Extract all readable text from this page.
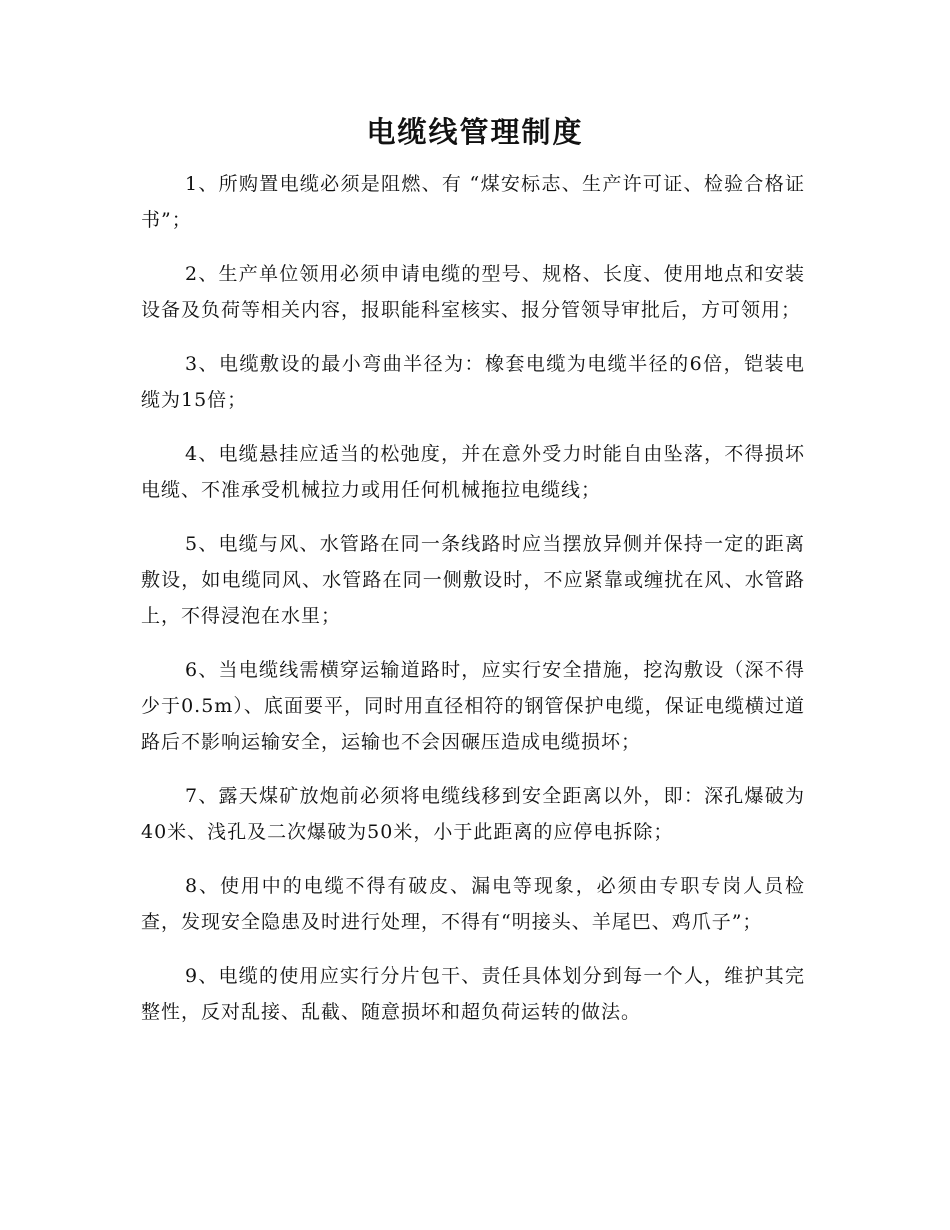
电缆线管理制度

1、所购置电缆必须是阻燃、有 “煤安标志、生产许可证、检验合格证书”；

2、生产单位领用必须申请电缆的型号、规格、长度、使用地点和安装设备及负荷等相关内容，报职能科室核实、报分管领导审批后，方可领用；

3、电缆敷设的最小弯曲半径为：橡套电缆为电缆半径的6倍，铠装电缆为15倍；

4、电缆悬挂应适当的松弛度，并在意外受力时能自由坠落，不得损坏电缆、不准承受机械拉力或用任何机械拖拉电缆线；

5、电缆与风、水管路在同一条线路时应当摆放异侧并保持一定的距离敷设，如电缆同风、水管路在同一侧敷设时，不应紧靠或缠扰在风、水管路上，不得浸泡在水里；

6、当电缆线需横穿运输道路时，应实行安全措施，挖沟敷设（深不得少于0.5m）、底面要平，同时用直径相符的钢管保护电缆，保证电缆横过道路后不影响运输安全，运输也不会因碾压造成电缆损坏；

7、露天煤矿放炮前必须将电缆线移到安全距离以外，即：深孔爆破为40米、浅孔及二次爆破为50米，小于此距离的应停电拆除；

8、使用中的电缆不得有破皮、漏电等现象，必须由专职专岗人员检查，发现安全隐患及时进行处理，不得有“明接头、羊尾巴、鸡爪子”；

9、电缆的使用应实行分片包干、责任具体划分到每一个人，维护其完整性，反对乱接、乱截、随意损坏和超负荷运转的做法。
